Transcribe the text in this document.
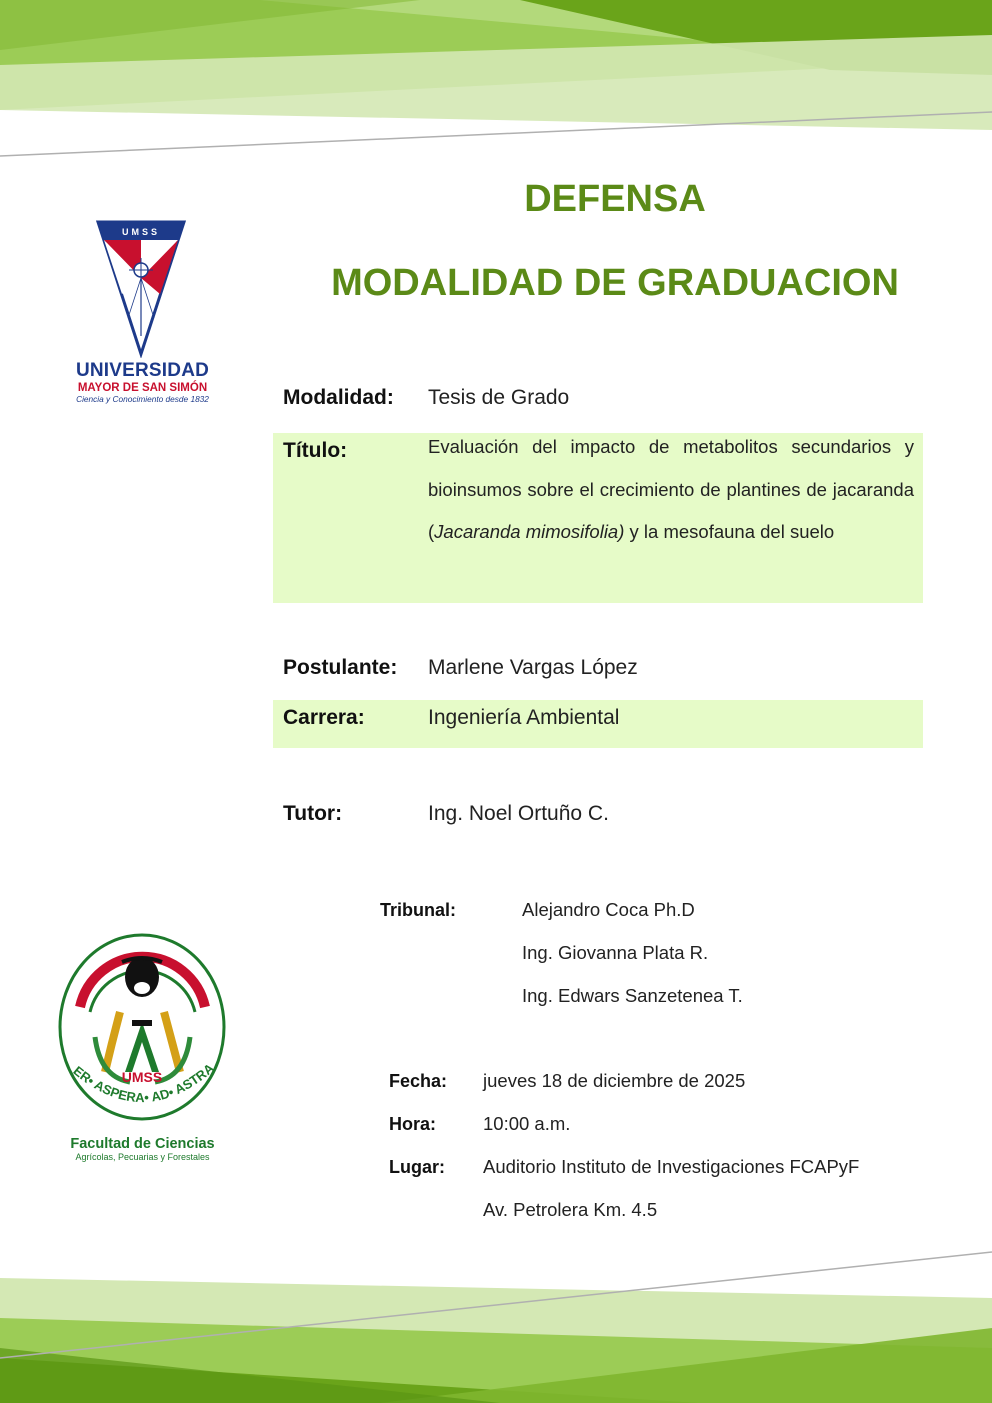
DEFENSA
MODALIDAD DE GRADUACION
UMSS
UNIVERSIDAD
MAYOR DE SAN SIMÓN
Ciencia y Conocimiento desde 1832
UMSS
ER• ASPERA• AD• ASTRA
Facultad de Ciencias
Agrícolas, Pecuarias y Forestales
Modalidad: Tesis de Grado
Título:	Evaluación del impacto de metabolitos secundarios y bioinsumos sobre el crecimiento de plantines de jacaranda (Jacaranda mimosifolia) y la mesofauna del suelo
Postulante: Marlene Vargas López
Carrera:	Ingeniería Ambiental
Tutor:	Ing. Noel Ortuño C.
Tribunal:	Alejandro Coca Ph.D
Ing. Giovanna Plata R.
Ing. Edwars Sanzetenea T.
Fecha: jueves 18 de diciembre de 2025
Hora:	10:00 a.m.
Lugar: Auditorio Instituto de Investigaciones FCAPyF
Av. Petrolera Km. 4.5
